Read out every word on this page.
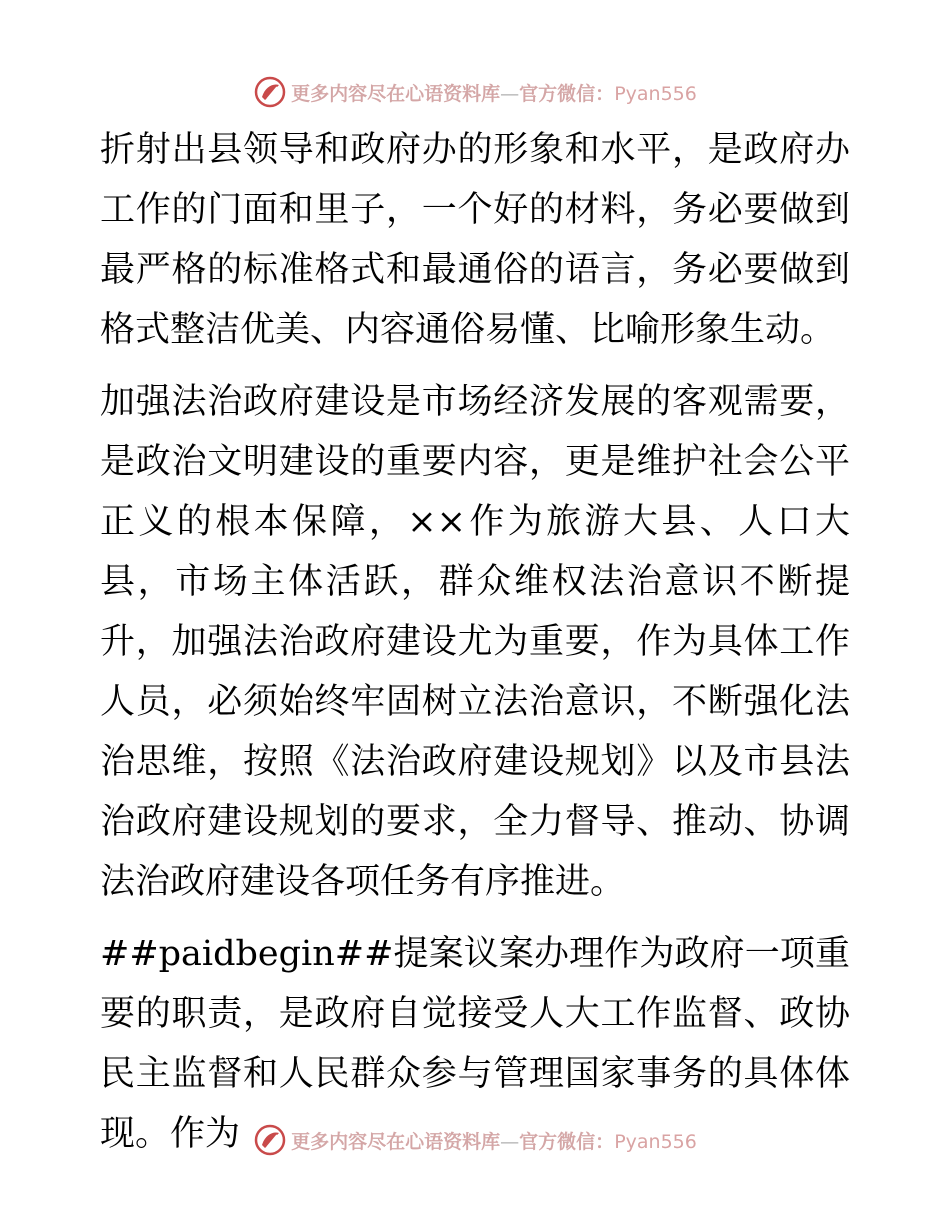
更多内容尽在心语资料库—官方微信：Pyan556

折射出县领导和政府办的形象和水平，是政府办工作的门面和里子，一个好的材料，务必要做到最严格的标准格式和最通俗的语言，务必要做到格式整洁优美、内容通俗易懂、比喻形象生动。

加强法治政府建设是市场经济发展的客观需要，是政治文明建设的重要内容，更是维护社会公平正义的根本保障，××作为旅游大县、人口大县，市场主体活跃，群众维权法治意识不断提升，加强法治政府建设尤为重要，作为具体工作人员，必须始终牢固树立法治意识，不断强化法治思维，按照《法治政府建设规划》以及市县法治政府建设规划的要求，全力督导、推动、协调法治政府建设各项任务有序推进。

##paidbegin##提案议案办理作为政府一项重要的职责，是政府自觉接受人大工作监督、政协民主监督和人民群众参与管理国家事务的具体体现。作为	更多内容尽在心语资料库—官方微信：Pyan556
